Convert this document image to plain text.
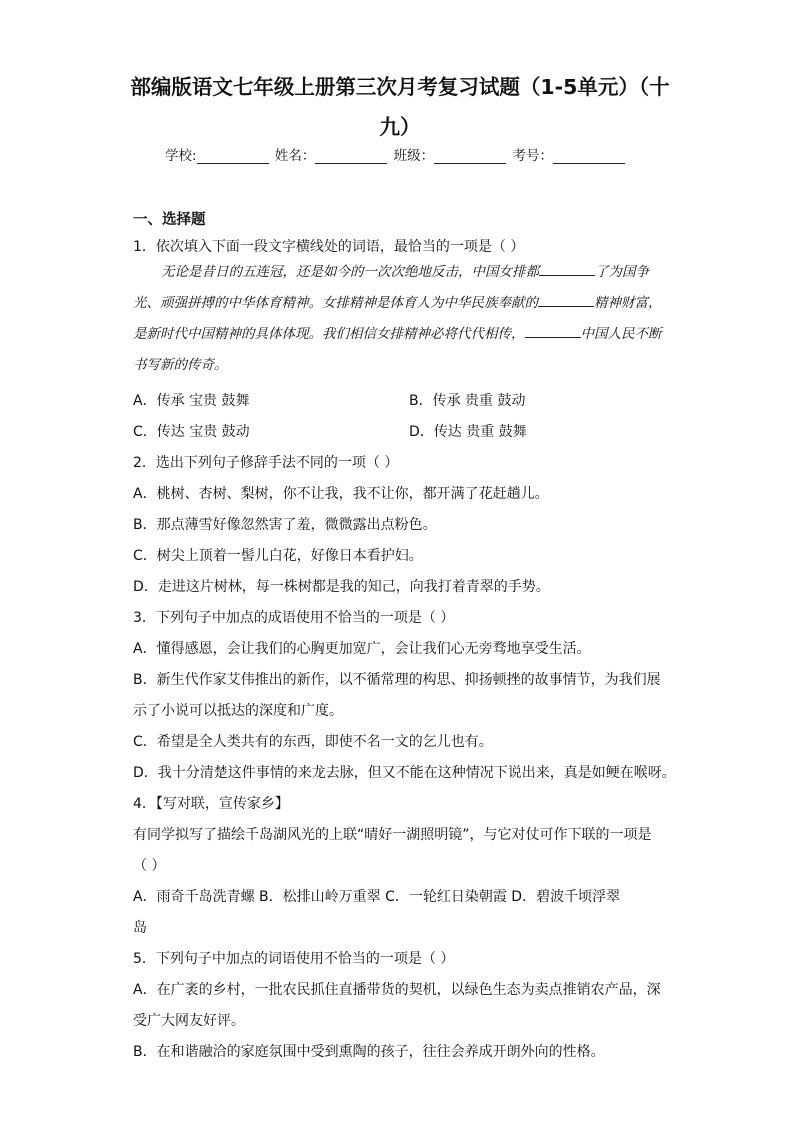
部编版语文七年级上册第三次月考复习试题（1-5单元）（十
九）
学校:	姓名：	班级：	考号：
一、选择题
1．依次填入下面一段文字横线处的词语，最恰当的一项是（ ）
无论是昔日的五连冠，还是如今的一次次绝地反击，中国女排都	了为国争光、顽强拼搏的中华体育精神。女排精神是体育人为中华民族奉献的	精神财富，是新时代中国精神的具体体现。我们相信女排精神必将代代相传，	中国人民不断书写新的传奇。
A．传承 宝贵 鼓舞	B．传承 贵重 鼓动
C．传达 宝贵 鼓动	D．传达 贵重 鼓舞
2．选出下列句子修辞手法不同的一项（ ）
A．桃树、杏树、梨树，你不让我，我不让你，都开满了花赶趟儿。
B．那点薄雪好像忽然害了羞，微微露出点粉色。
C．树尖上顶着一髻儿白花，好像日本看护妇。
D．走进这片树林，每一株树都是我的知己，向我打着青翠的手势。
3．下列句子中加点的成语使用不恰当的一项是（ ）
A．懂得感恩，会让我们的心胸更加宽广，会让我们心无旁骛地享受生活。
B．新生代作家艾伟推出的新作，以不循常理的构思、抑扬顿挫的故事情节，为我们展
示了小说可以抵达的深度和广度。
C．希望是全人类共有的东西，即使不名一文的乞儿也有。
D．我十分清楚这件事情的来龙去脉，但又不能在这种情况下说出来，真是如鲠在喉呀。
4．【写对联，宣传家乡】
有同学拟写了描绘千岛湖风光的上联“晴好一湖照明镜”，与它对仗可作下联的一项是
（ ）
A．雨奇千岛洗青螺 B．松排山岭万重翠 C．一轮红日染朝霞 D．碧波千顷浮翠
岛
5．下列句子中加点的词语使用不恰当的一项是（ ）
A．在广袤的乡村，一批农民抓住直播带货的契机，以绿色生态为卖点推销农产品，深
受广大网友好评。
B．在和谐融洽的家庭氛围中受到熏陶的孩子，往往会养成开朗外向的性格。
